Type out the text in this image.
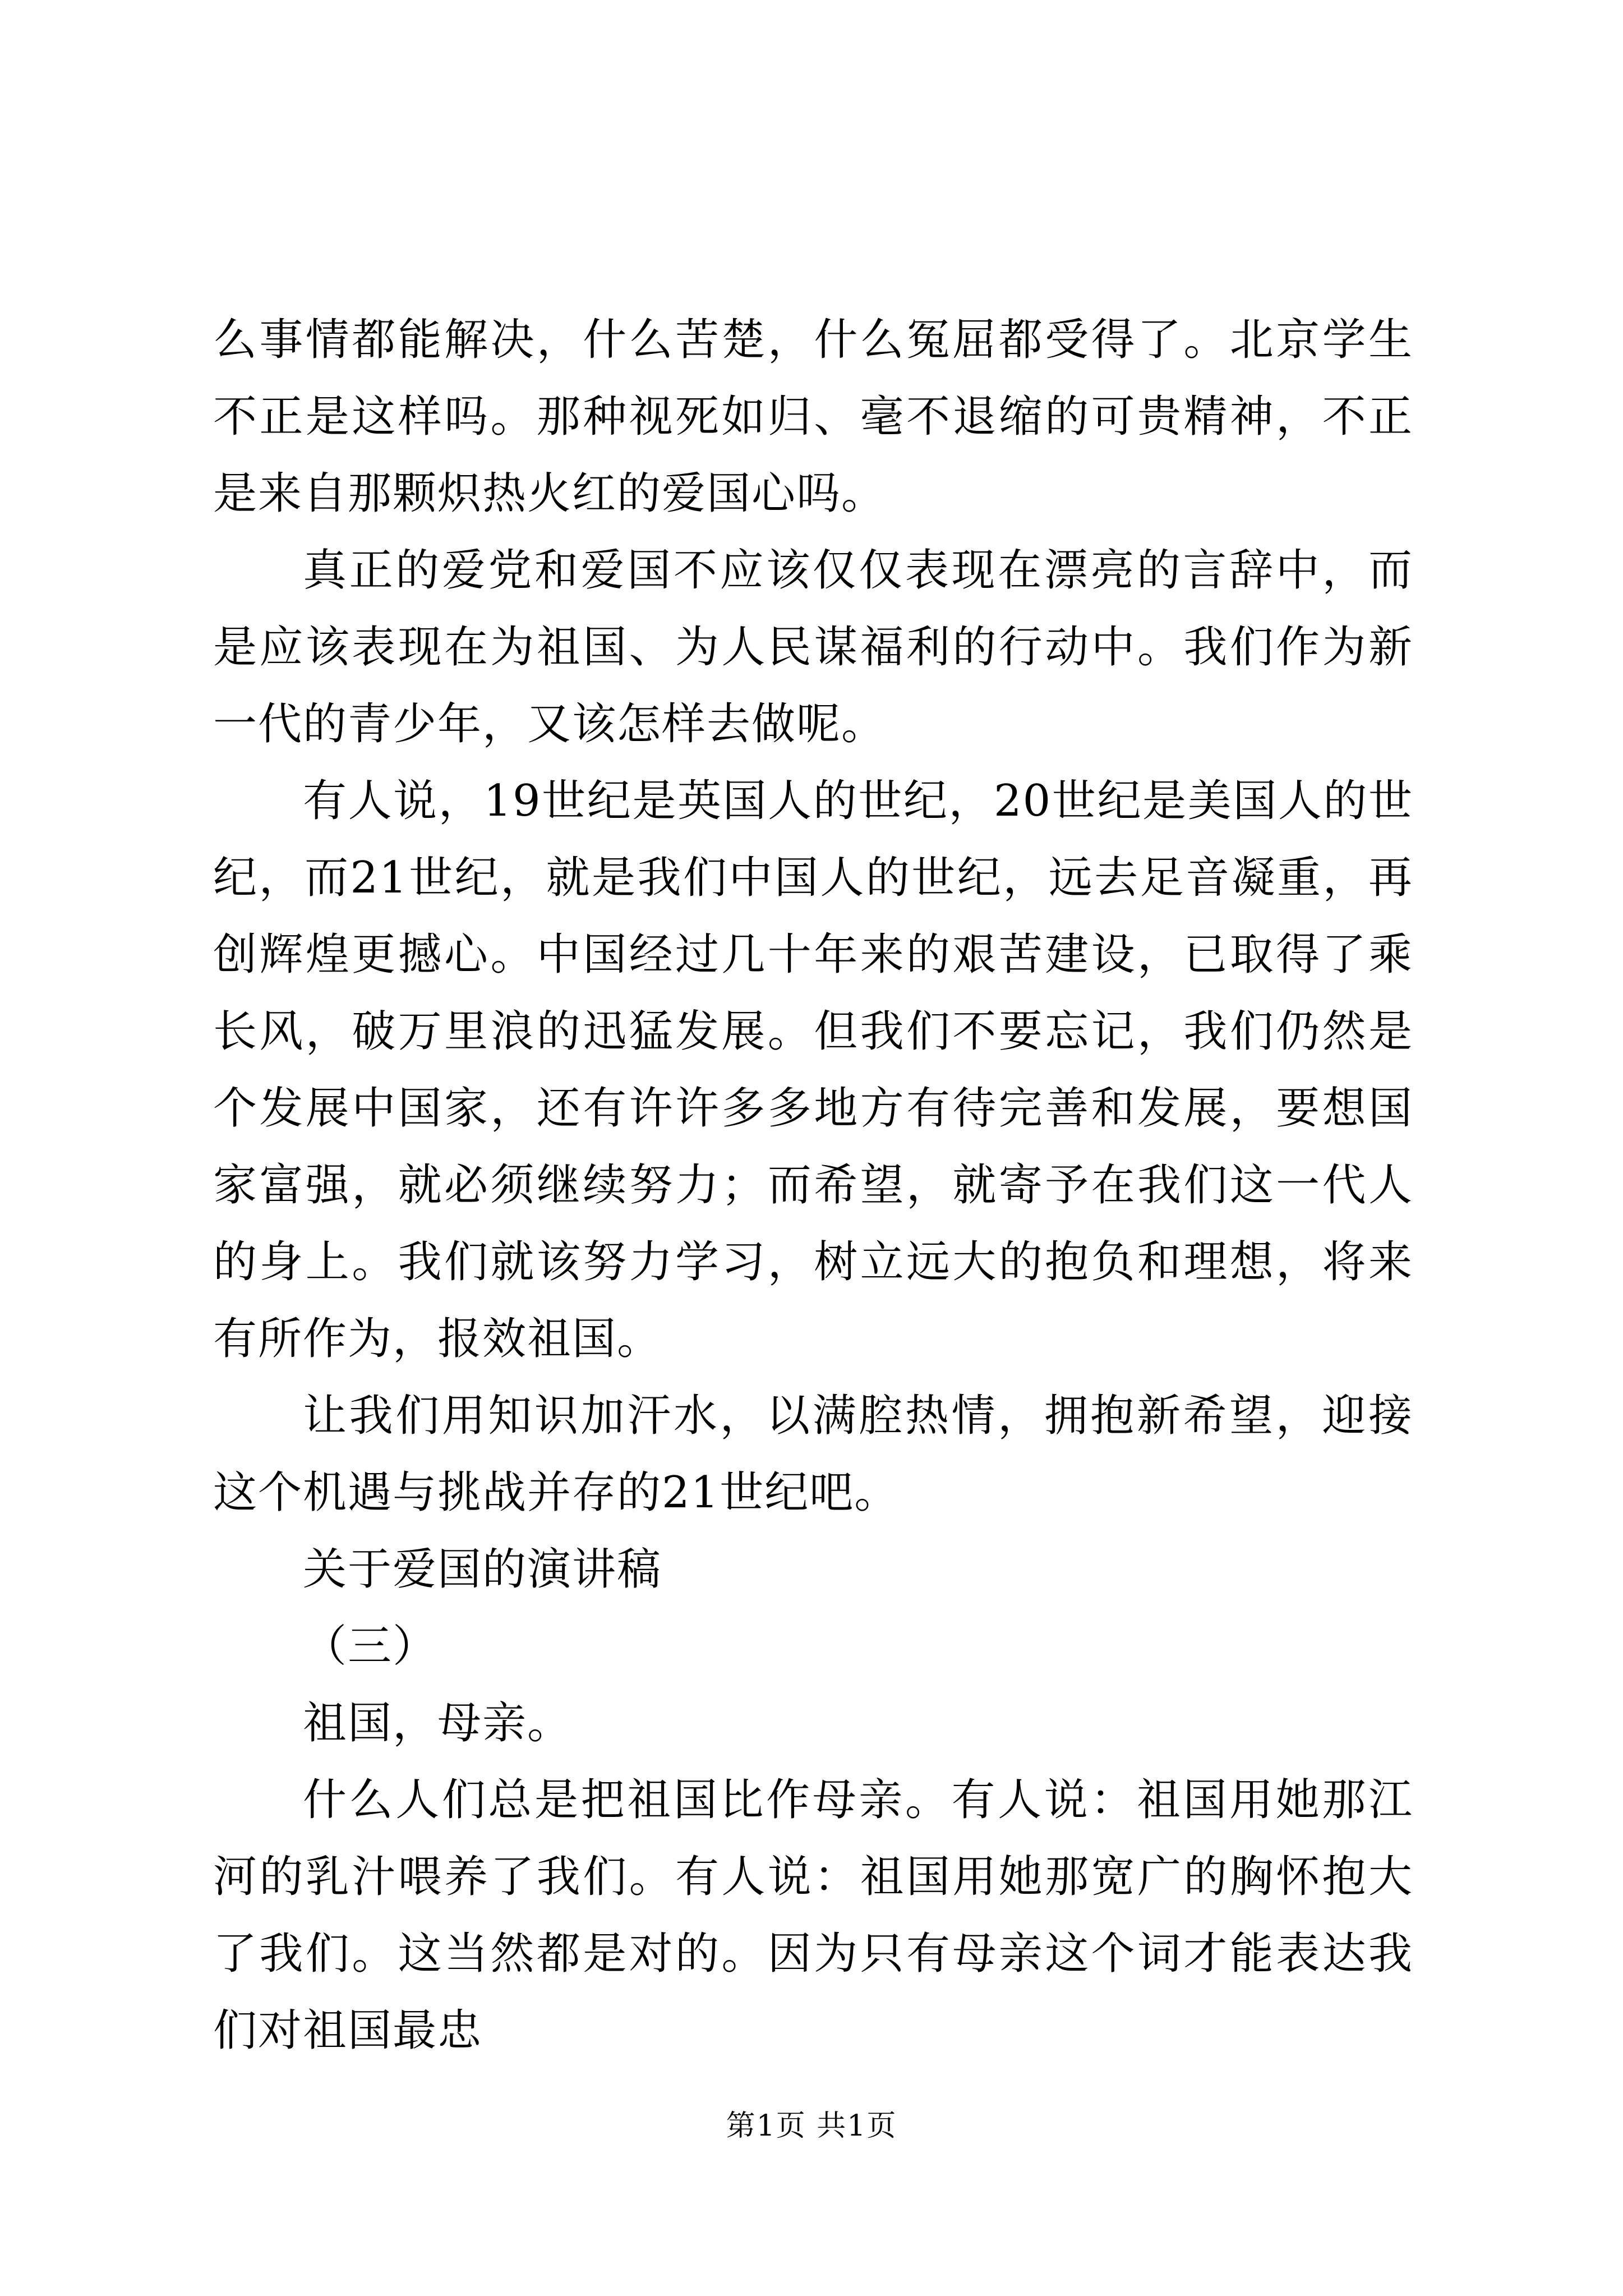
么事情都能解决，什么苦楚，什么冤屈都受得了。北京学生不正是这样吗。那种视死如归、毫不退缩的可贵精神，不正是来自那颗炽热火红的爱国心吗。

真正的爱党和爱国不应该仅仅表现在漂亮的言辞中，而是应该表现在为祖国、为人民谋福利的行动中。我们作为新一代的青少年，又该怎样去做呢。

有人说，19世纪是英国人的世纪，20世纪是美国人的世纪，而21世纪，就是我们中国人的世纪，远去足音凝重，再创辉煌更撼心。中国经过几十年来的艰苦建设，已取得了乘长风，破万里浪的迅猛发展。但我们不要忘记，我们仍然是个发展中国家，还有许许多多地方有待完善和发展，要想国家富强，就必须继续努力；而希望，就寄予在我们这一代人的身上。我们就该努力学习，树立远大的抱负和理想，将来有所作为，报效祖国。

让我们用知识加汗水，以满腔热情，拥抱新希望，迎接这个机遇与挑战并存的21世纪吧。

关于爱国的演讲稿

（三）

祖国，母亲。

什么人们总是把祖国比作母亲。有人说：祖国用她那江河的乳汁喂养了我们。有人说：祖国用她那宽广的胸怀抱大了我们。这当然都是对的。因为只有母亲这个词才能表达我们对祖国最忠

第1页 共1页
